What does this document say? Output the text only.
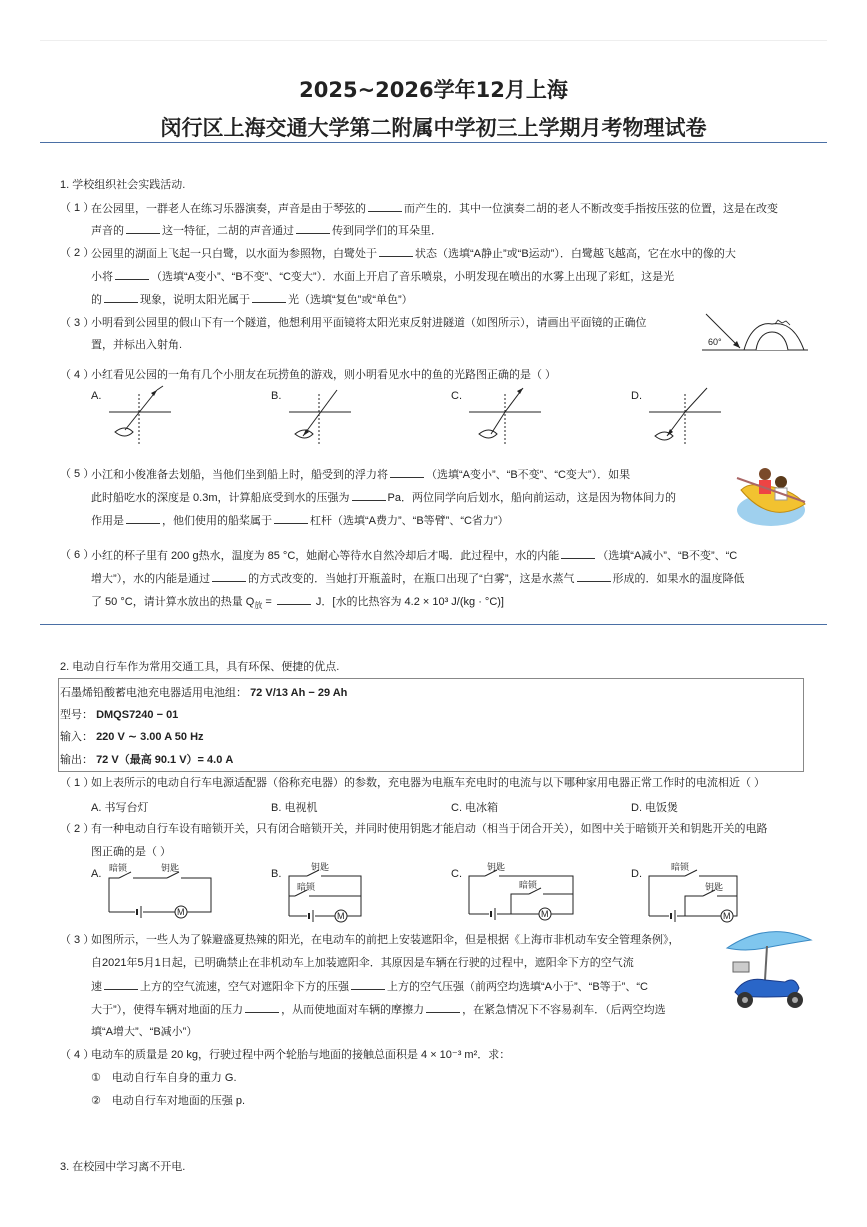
2025~2026学年12月上海
闵行区上海交通大学第二附属中学初三上学期月考物理试卷
1. 学校组织社会实践活动.
（ 1 ）
在公园里，一群老人在练习乐器演奏，声音是由于琴弦的	而产生的．其中一位演奏二胡的老人不断改变手指按压弦的位置，这是在改变
声音的	这一特征，二胡的声音通过	传到同学们的耳朵里．
（ 2 ）
公园里的湖面上飞起一只白鹭，以水面为参照物，白鹭处于	状态（选填“A静止”或“B运动”）．白鹭越飞越高，它在水中的像的大
小将	（选填“A变小”、“B不变”、“C变大”）．水面上开启了音乐喷泉，小明发现在喷出的水雾上出现了彩虹，这是光
的	现象，说明太阳光属于	光（选填“复色”或“单色”）
（ 3 ）
小明看到公园里的假山下有一个隧道，他想利用平面镜将太阳光束反射进隧道（如图所示），请画出平面镜的正确位
置，并标出入射角.	60°
（ 4 ）
小红看见公园的一角有几个小朋友在玩捞鱼的游戏，则小明看见水中的鱼的光路图正确的是（ ）
A.	B.	C.	D.
（ 5 ）
小江和小俊准备去划船，当他们坐到船上时，船受到的浮力将	（选填“A变小”、“B不变”、“C变大”）．如果
此时船吃水的深度是 0.3m，计算船底受到水的压强为	Pa．两位同学向后划水，船向前运动，这是因为物体间力的
作用是	，他们使用的船桨属于	杠杆（选填“A费力”、“B等臂”、“C省力”）
（ 6 ）
小红的杯子里有 200 g热水，温度为 85 °C，她耐心等待水自然冷却后才喝．此过程中，水的内能	（选填“A减小”、“B不变”、“C
增大”），水的内能是通过	的方式改变的．当她打开瓶盖时，在瓶口出现了“白雾”，这是水蒸气	形成的．如果水的温度降低
了 50 °C，请计算水放出的热量 $Q_放$ =	J．[水的比热容为 4.2 × 10³ J/(kg · °C)]
2. 电动自行车作为常用交通工具，具有环保、便捷的优点.
石墨烯铅酸蓄电池充电器适用电池组： 72 V/13 Ah − 29 Ah
型号： DMQS7240 − 01
输入： 220 V ∼ 3.00 A 50 Hz
输出： 72 V（最高 90.1 V）= 4.0 A
（ 1 ）
如上表所示的电动自行车电源适配器（俗称充电器）的参数，充电器为电瓶车充电时的电流与以下哪种家用电器正常工作时的电流相近（ ）
A. 书写台灯	B. 电视机	C. 电冰箱	D. 电饭煲
（ 2 ）
有一种电动自行车设有暗锁开关，只有闭合暗锁开关，并同时使用钥匙才能启动（相当于闭合开关），如图中关于暗锁开关和钥匙开关的电路
图正确的是（ ）
A.	B.	C.	D.
暗锁	钥匙
M
钥匙
暗锁
M
钥匙
暗锁
M
暗锁
钥匙
M
（ 3 ）
如图所示，一些人为了躲避盛夏热辣的阳光，在电动车的前把上安装遮阳伞，但是根据《上海市非机动车安全管理条例》，
自2021年5月1日起，已明确禁止在非机动车上加装遮阳伞．其原因是车辆在行驶的过程中，遮阳伞下方的空气流
速	上方的空气流速，空气对遮阳伞下方的压强	上方的空气压强（前两空均选填“A小于”、“B等于”、“C
大于”），使得车辆对地面的压力	，从而使地面对车辆的摩擦力	，在紧急情况下不容易刹车．（后两空均选
填“A增大”、“B减小”）
（ 4 ）
电动车的质量是 20 kg，行驶过程中两个轮胎与地面的接触总面积是 4 × 10⁻³ m²．求：
①　电动自行车自身的重力 G.
②　电动自行车对地面的压强 p.
3. 在校园中学习离不开电.
